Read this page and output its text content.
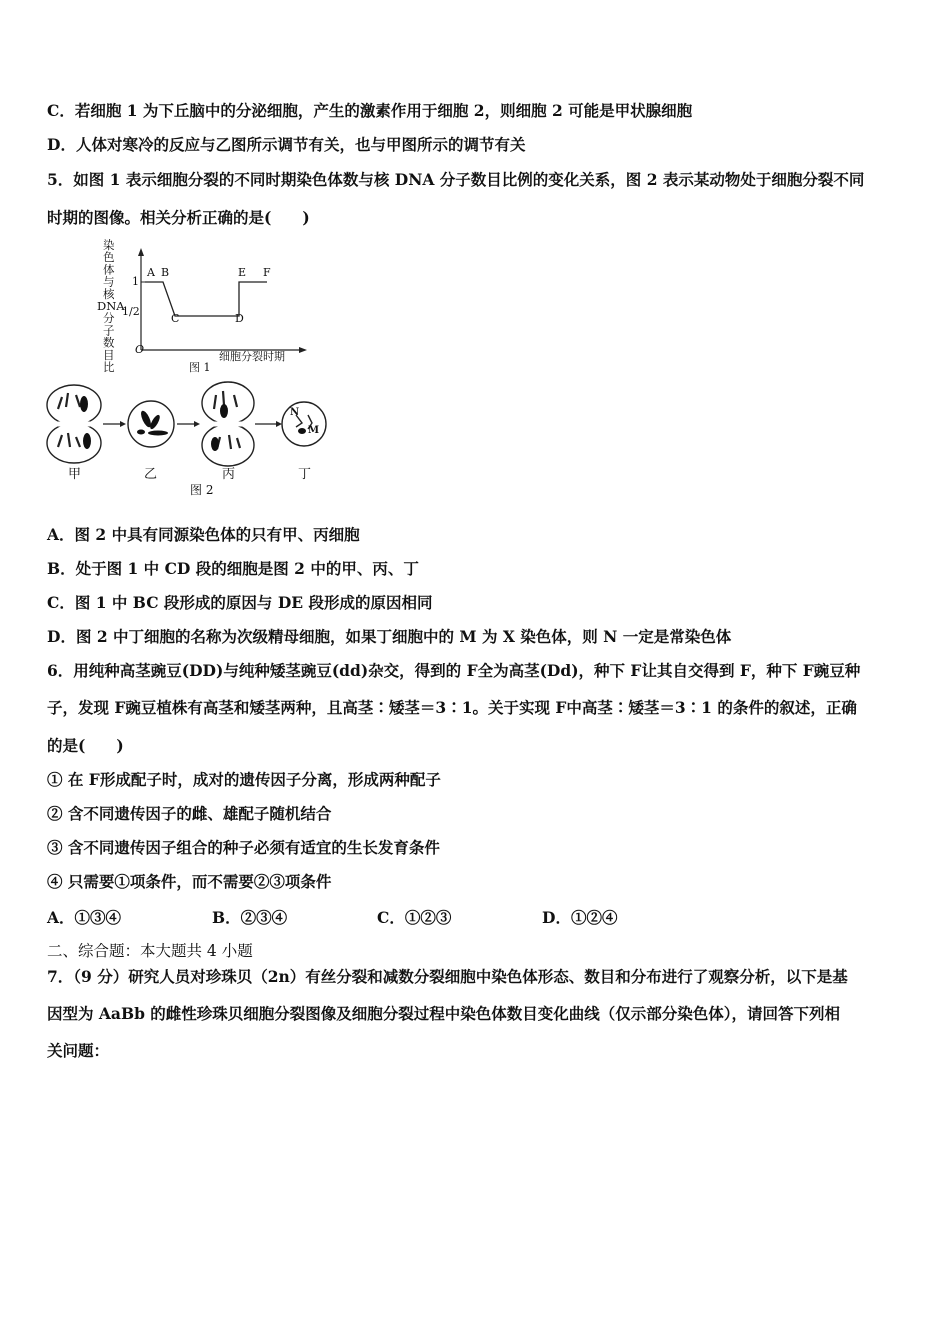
C．若细胞 1 为下丘脑中的分泌细胞，产生的激素作用于细胞 2，则细胞 2 可能是甲状腺细胞
D．人体对寒冷的反应与乙图所示调节有关，也与甲图所示的调节有关
5．如图 1 表示细胞分裂的不同时期染色体数与核 DNA 分子数目比例的变化关系，图 2 表示某动物处于细胞分裂不同
时期的图像。相关分析正确的是(　　)
染
色
体
与
核
DNA
分
子
数
目
比
1
1/2
O
A B
C	D
E F
细胞分裂时期
图 1
N
M
甲	乙	丙	丁
图 2
A．图 2 中具有同源染色体的只有甲、丙细胞
B．处于图 1 中 CD 段的细胞是图 2 中的甲、丙、丁
C．图 1 中 BC 段形成的原因与 DE 段形成的原因相同
D．图 2 中丁细胞的名称为次级精母细胞，如果丁细胞中的 M 为 X 染色体，则 N 一定是常染色体
6．用纯种高茎豌豆(DD)与纯种矮茎豌豆(dd)杂交，得到的 F全为高茎(Dd)，种下 F让其自交得到 F，种下 F豌豆种
子，发现 F豌豆植株有高茎和矮茎两种，且高茎∶矮茎＝3∶1。关于实现 F中高茎∶矮茎＝3∶1 的条件的叙述，正确
的是(　　)
① 在 F形成配子时，成对的遗传因子分离，形成两种配子
② 含不同遗传因子的雌、雄配子随机结合
③ 含不同遗传因子组合的种子必须有适宜的生长发育条件
④ 只需要①项条件，而不需要②③项条件
A．①③④	B．②③④	C．①②③	D．①②④
二、综合题：本大题共 4 小题
7．（9 分）研究人员对珍珠贝（2n）有丝分裂和减数分裂细胞中染色体形态、数目和分布进行了观察分析，以下是基
因型为 AaBb 的雌性珍珠贝细胞分裂图像及细胞分裂过程中染色体数目变化曲线（仅示部分染色体），请回答下列相
关问题：
